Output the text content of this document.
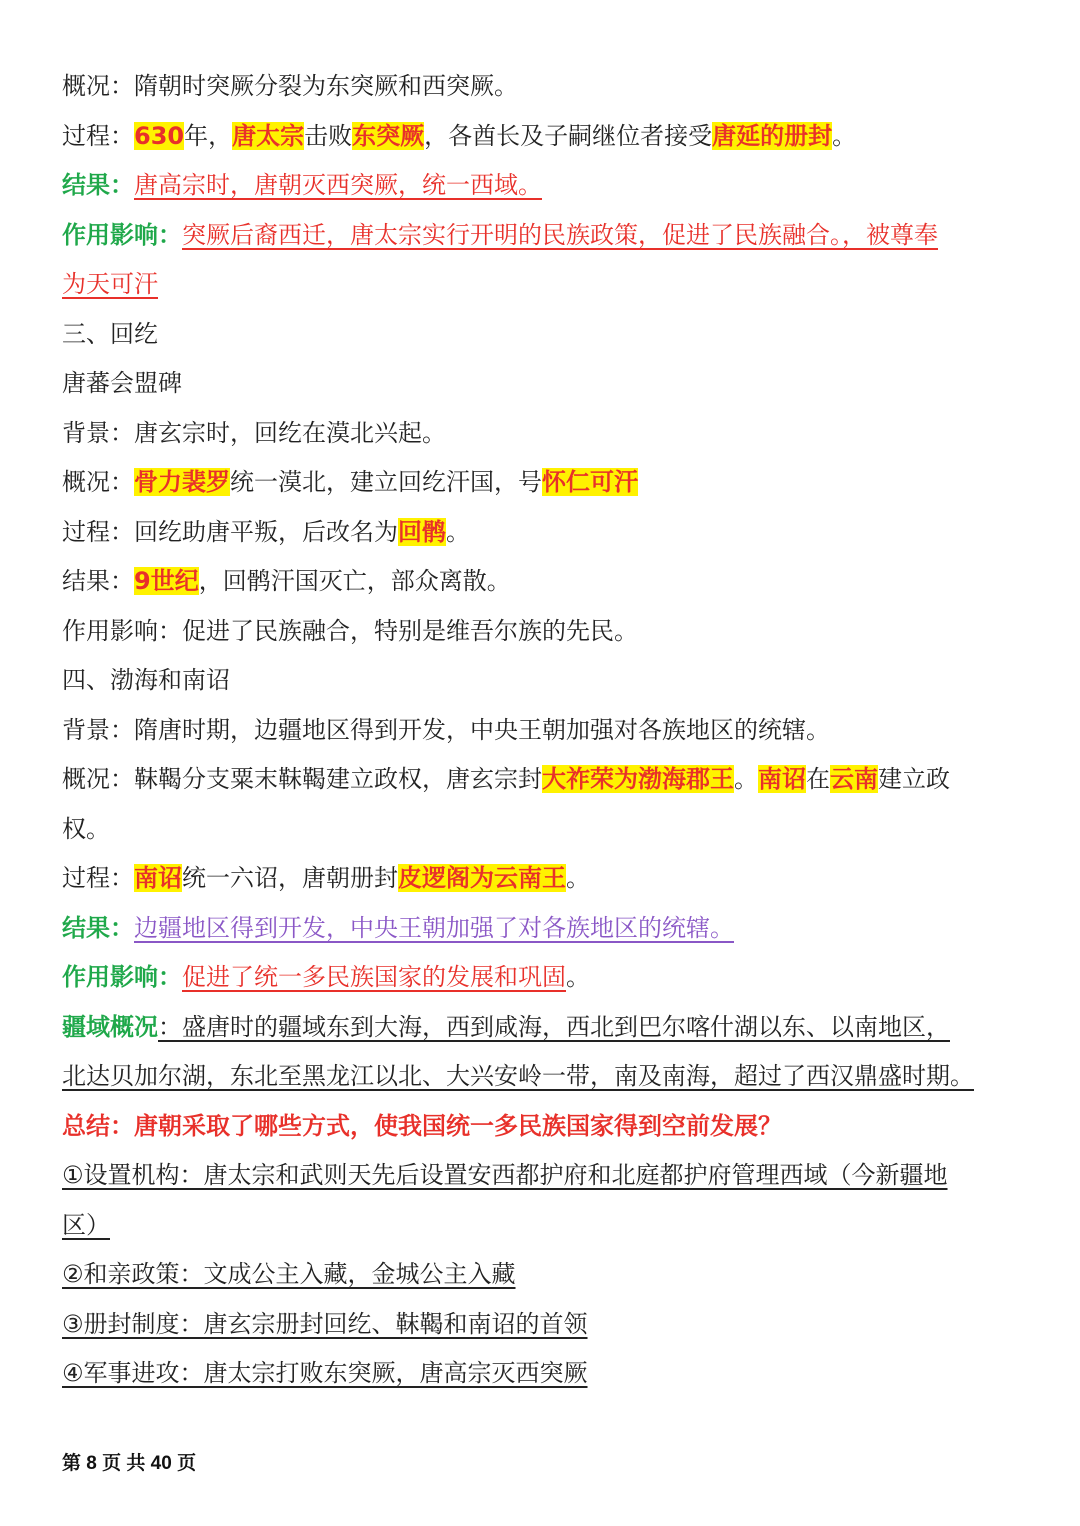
概况：隋朝时突厥分裂为东突厥和西突厥。
过程：630年，唐太宗击败东突厥，各酋长及子嗣继位者接受唐延的册封。
结果：唐高宗时，唐朝灭西突厥，统一西域。
作用影响：突厥后裔西迁，唐太宗实行开明的民族政策，促进了民族融合。，被尊奉
为天可汗
三、回纥
唐蕃会盟碑
背景：唐玄宗时，回纥在漠北兴起。
概况：骨力裴罗统一漠北，建立回纥汗国，号怀仁可汗
过程：回纥助唐平叛，后改名为回鹘。
结果：9世纪，回鹘汗国灭亡，部众离散。
作用影响：促进了民族融合，特别是维吾尔族的先民。
四、渤海和南诏
背景：隋唐时期，边疆地区得到开发，中央王朝加强对各族地区的统辖。
概况：靺鞨分支粟末靺鞨建立政权，唐玄宗封大祚荣为渤海郡王。南诏在云南建立政
权。
过程：南诏统一六诏，唐朝册封皮逻阁为云南王。
结果：边疆地区得到开发，中央王朝加强了对各族地区的统辖。
作用影响：促进了统一多民族国家的发展和巩固。
疆域概况：盛唐时的疆域东到大海，西到咸海，西北到巴尔喀什湖以东、以南地区，
北达贝加尔湖，东北至黑龙江以北、大兴安岭一带，南及南海，超过了西汉鼎盛时期。
总结：唐朝采取了哪些方式，使我国统一多民族国家得到空前发展？
①设置机构：唐太宗和武则天先后设置安西都护府和北庭都护府管理西域（今新疆地
区）
②和亲政策：文成公主入藏，金城公主入藏
③册封制度：唐玄宗册封回纥、靺鞨和南诏的首领
④军事进攻：唐太宗打败东突厥，唐高宗灭西突厥
第 8 页 共 40 页
